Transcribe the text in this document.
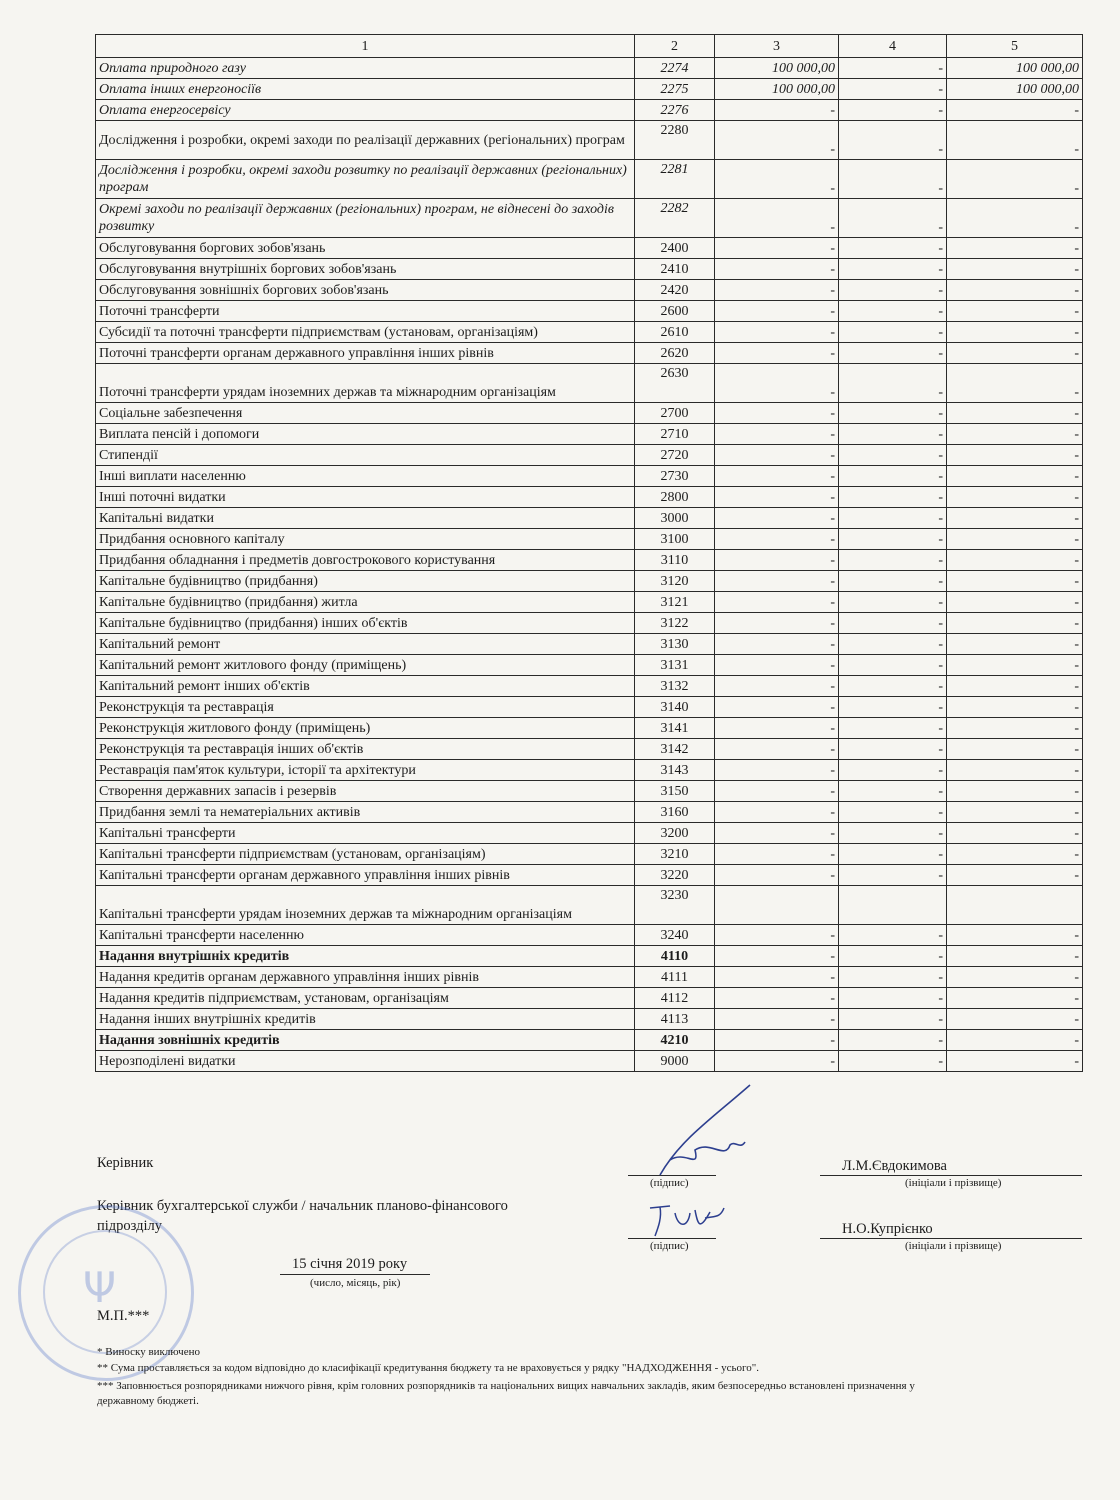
1	2	3	4	5
Оплата природного газу	2274	100 000,00	-	100 000,00
Оплата інших енергоносіїв	2275	100 000,00	-	100 000,00
Оплата енергосервісу	2276	-	-	-
Дослідження і розробки, окремі заходи по реалізації державних (регіональних) програм	2280	-	-	-
Дослідження і розробки, окремі заходи розвитку по реалізації державних (регіональних) програм	2281	-	-	-
Окремі заходи по реалізації державних (регіональних) програм, не віднесені до заходів розвитку	2282	-	-	-
Обслуговування боргових зобов'язань	2400	-	-	-
Обслуговування внутрішніх боргових зобов'язань	2410	-	-	-
Обслуговування зовнішніх боргових зобов'язань	2420	-	-	-
Поточні трансферти	2600	-	-	-
Субсидії та поточні трансферти підприємствам (установам, організаціям)	2610	-	-	-
Поточні трансферти органам державного управління інших рівнів	2620	-	-	-
Поточні трансферти урядам іноземних держав та міжнародним організаціям	2630	-	-	-
Соціальне забезпечення	2700	-	-	-
Виплата пенсій і допомоги	2710	-	-	-
Стипендії	2720	-	-	-
Інші виплати населенню	2730	-	-	-
Інші поточні видатки	2800	-	-	-
Капітальні видатки	3000	-	-	-
Придбання основного капіталу	3100	-	-	-
Придбання обладнання і предметів довгострокового користування	3110	-	-	-
Капітальне будівництво (придбання)	3120	-	-	-
Капітальне будівництво (придбання) житла	3121	-	-	-
Капітальне будівництво (придбання) інших об'єктів	3122	-	-	-
Капітальний ремонт	3130	-	-	-
Капітальний ремонт житлового фонду (приміщень)	3131	-	-	-
Капітальний ремонт інших об'єктів	3132	-	-	-
Реконструкція та реставрація	3140	-	-	-
Реконструкція житлового фонду (приміщень)	3141	-	-	-
Реконструкція та реставрація інших об'єктів	3142	-	-	-
Реставрація пам'яток культури, історії та архітектури	3143	-	-	-
Створення державних запасів і резервів	3150	-	-	-
Придбання землі та нематеріальних активів	3160	-	-	-
Капітальні трансферти	3200	-	-	-
Капітальні трансферти підприємствам (установам, організаціям)	3210	-	-	-
Капітальні трансферти органам державного управління інших рівнів	3220	-	-	-
Капітальні трансферти урядам іноземних держав та міжнародним організаціям	3230			
Капітальні трансферти населенню	3240	-	-	-
Надання внутрішніх кредитів	4110	-	-	-
Надання кредитів органам державного управління інших рівнів	4111	-	-	-
Надання кредитів підприємствам, установам, організаціям	4112	-	-	-
Надання інших внутрішніх кредитів	4113	-	-	-
Надання зовнішніх кредитів	4210	-	-	-
Нерозподілені видатки	9000	-	-	-
Керівник
(підпис)
Л.М.Євдокимова
(ініціали і прізвище)
Керівник бухгалтерської служби / начальник планово-фінансового
підрозділу
(підпис)
Н.О.Купрієнко
(ініціали і прізвище)
15 січня 2019 року
(число, місяць, рік)
М.П.***
Ψ
* Виноску виключено
** Сума проставляється за кодом відповідно до класифікації кредитування бюджету та не враховується у рядку "НАДХОДЖЕННЯ - усього".
*** Заповнюється розпорядниками нижчого рівня, крім головних розпорядників та національних вищих навчальних закладів, яким безпосередньо встановлені призначення у
державному бюджеті.
